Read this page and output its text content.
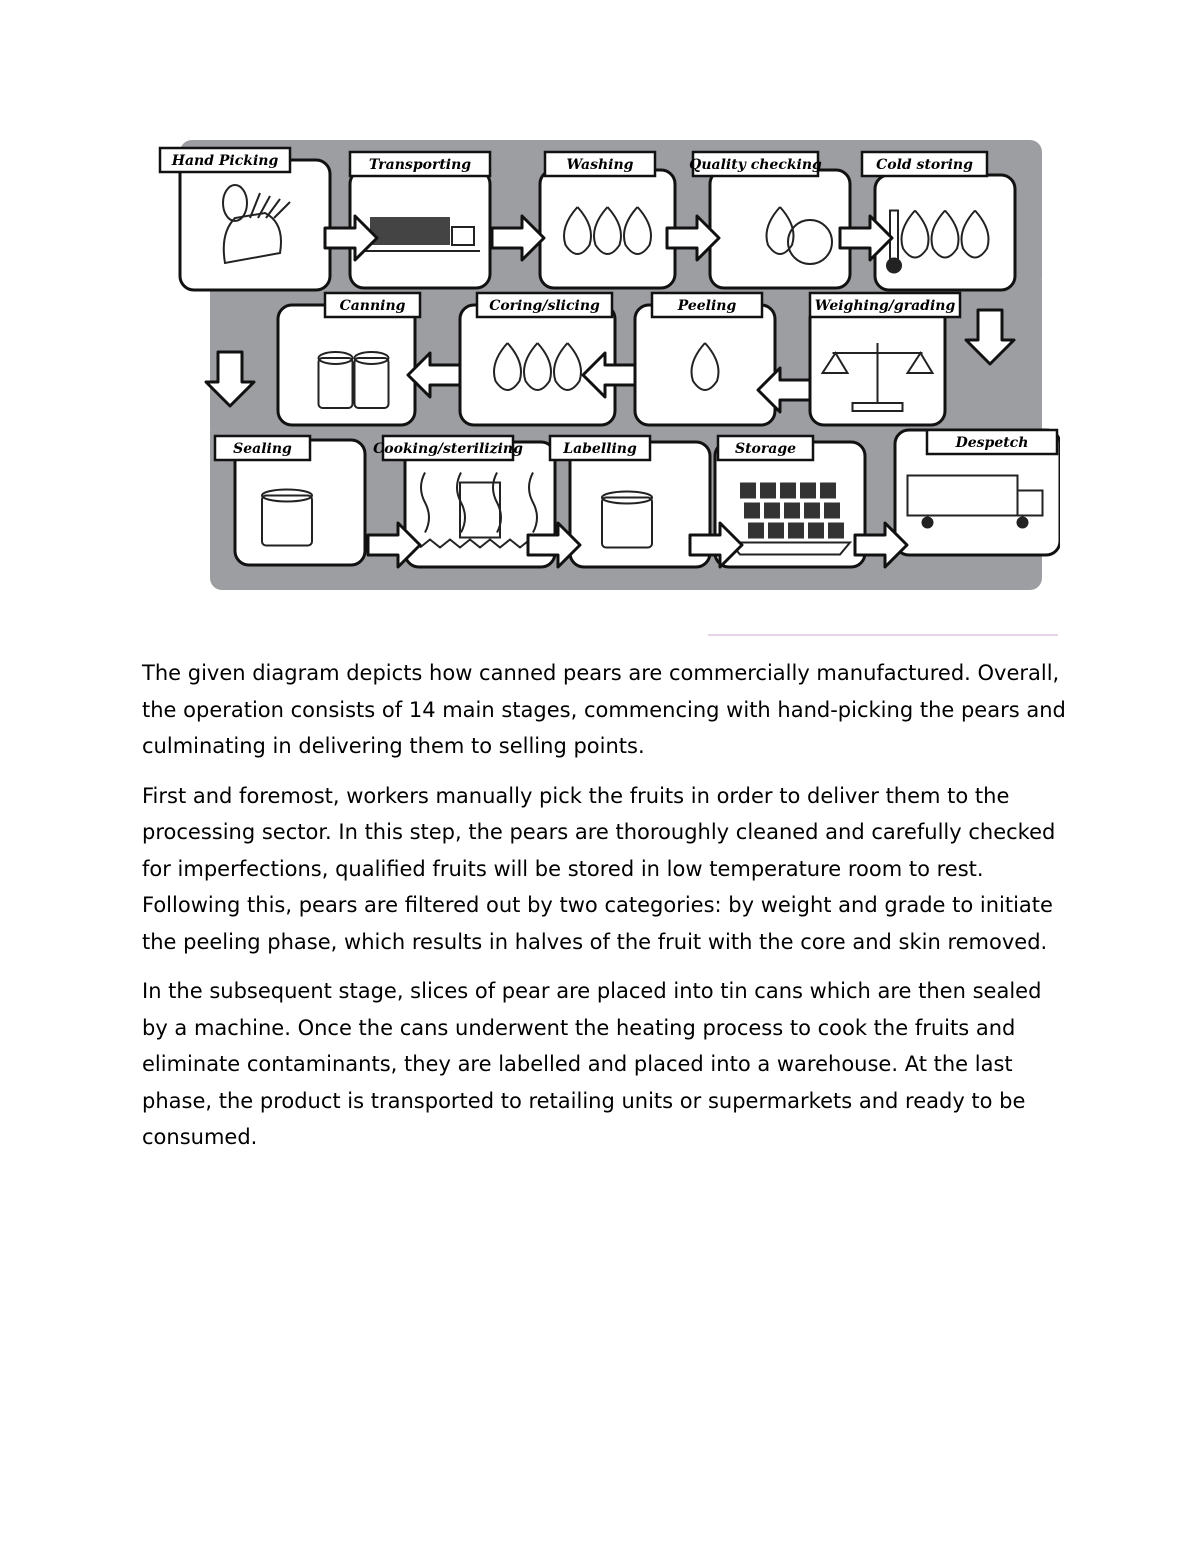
Hand Picking	Transporting	Washing	Quality checking	Cold storing
Weighing/grading
Peeling
Coring/slicing
Canning
Sealing	Cooking/sterilizing	Labelling	Storage	Despetch

The given diagram depicts how canned pears are commercially manufactured. Overall, the operation consists of 14 main stages, commencing with hand-picking the pears and culminating in delivering them to selling points.

First and foremost, workers manually pick the fruits in order to deliver them to the processing sector. In this step, the pears are thoroughly cleaned and carefully checked for imperfections, qualified fruits will be stored in low temperature room to rest. Following this, pears are filtered out by two categories: by weight and grade to initiate the peeling phase, which results in halves of the fruit with the core and skin removed.

In the subsequent stage, slices of pear are placed into tin cans which are then sealed by a machine. Once the cans underwent the heating process to cook the fruits and eliminate contaminants, they are labelled and placed into a warehouse. At the last phase, the product is transported to retailing units or supermarkets and ready to be consumed.
